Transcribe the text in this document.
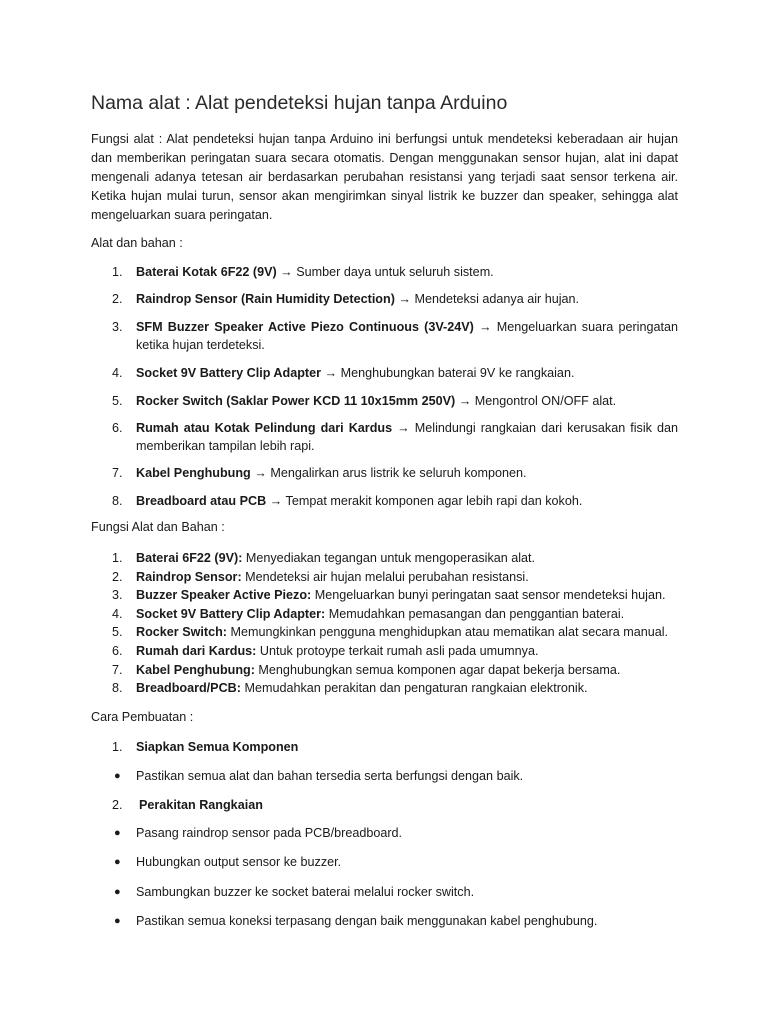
Nama alat : Alat pendeteksi hujan tanpa Arduino

Fungsi alat : Alat pendeteksi hujan tanpa Arduino ini berfungsi untuk mendeteksi keberadaan air hujan dan memberikan peringatan suara secara otomatis. Dengan menggunakan sensor hujan, alat ini dapat mengenali adanya tetesan air berdasarkan perubahan resistansi yang terjadi saat sensor terkena air. Ketika hujan mulai turun, sensor akan mengirimkan sinyal listrik ke buzzer dan speaker, sehingga alat mengeluarkan suara peringatan.

Alat dan bahan :

1. Baterai Kotak 6F22 (9V) → Sumber daya untuk seluruh sistem.
2. Raindrop Sensor (Rain Humidity Detection) → Mendeteksi adanya air hujan.
3. SFM Buzzer Speaker Active Piezo Continuous (3V-24V) → Mengeluarkan suara peringatan ketika hujan terdeteksi.
4. Socket 9V Battery Clip Adapter → Menghubungkan baterai 9V ke rangkaian.
5. Rocker Switch (Saklar Power KCD 11 10x15mm 250V) → Mengontrol ON/OFF alat.
6. Rumah atau Kotak Pelindung dari Kardus → Melindungi rangkaian dari kerusakan fisik dan memberikan tampilan lebih rapi.
7. Kabel Penghubung → Mengalirkan arus listrik ke seluruh komponen.
8. Breadboard atau PCB → Tempat merakit komponen agar lebih rapi dan kokoh.

Fungsi Alat dan Bahan :

1. Baterai 6F22 (9V): Menyediakan tegangan untuk mengoperasikan alat.
2. Raindrop Sensor: Mendeteksi air hujan melalui perubahan resistansi.
3. Buzzer Speaker Active Piezo: Mengeluarkan bunyi peringatan saat sensor mendeteksi hujan.
4. Socket 9V Battery Clip Adapter: Memudahkan pemasangan dan penggantian baterai.
5. Rocker Switch: Memungkinkan pengguna menghidupkan atau mematikan alat secara manual.
6. Rumah dari Kardus: Untuk protoype terkait rumah asli pada umumnya.
7. Kabel Penghubung: Menghubungkan semua komponen agar dapat bekerja bersama.
8. Breadboard/PCB: Memudahkan perakitan dan pengaturan rangkaian elektronik.

Cara Pembuatan :

1. Siapkan Semua Komponen
● Pastikan semua alat dan bahan tersedia serta berfungsi dengan baik.
2. Perakitan Rangkaian
● Pasang raindrop sensor pada PCB/breadboard.
● Hubungkan output sensor ke buzzer.
● Sambungkan buzzer ke socket baterai melalui rocker switch.
● Pastikan semua koneksi terpasang dengan baik menggunakan kabel penghubung.
